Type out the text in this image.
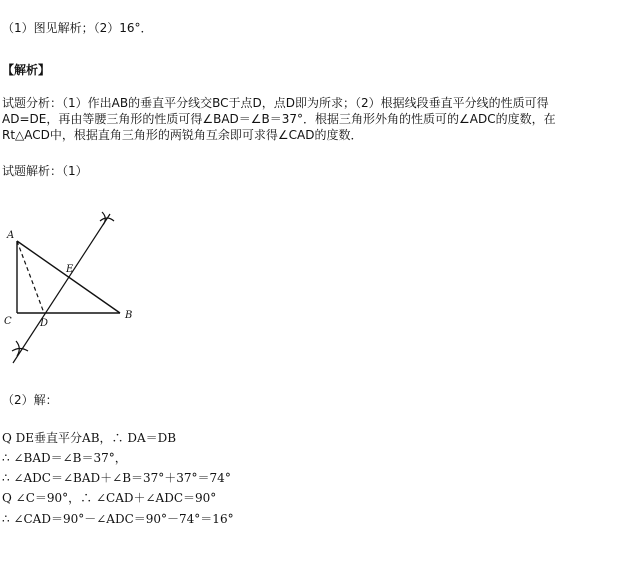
（1）图见解析；（2）16°．
【解析】
试题分析：（1）作出AB的垂直平分线交BC于点D，点D即为所求；（2）根据线段垂直平分线的性质可得
AD=DE，再由等腰三角形的性质可得∠BAD＝∠B＝37°．根据三角形外角的性质可的∠ADC的度数，在
Rt△ACD中，根据直角三角形的两锐角互余即可求得∠CAD的度数．
试题解析：（1）
A
B
C	D
E
（2）解：
Q DE垂直平分AB，∴ DA＝DB
∴ ∠BAD＝∠B＝37°，
∴ ∠ADC＝∠BAD＋∠B＝37°＋37°＝74°
Q ∠C＝90°，∴ ∠CAD＋∠ADC＝90°
∴ ∠CAD＝90°－∠ADC＝90°－74°＝16°
